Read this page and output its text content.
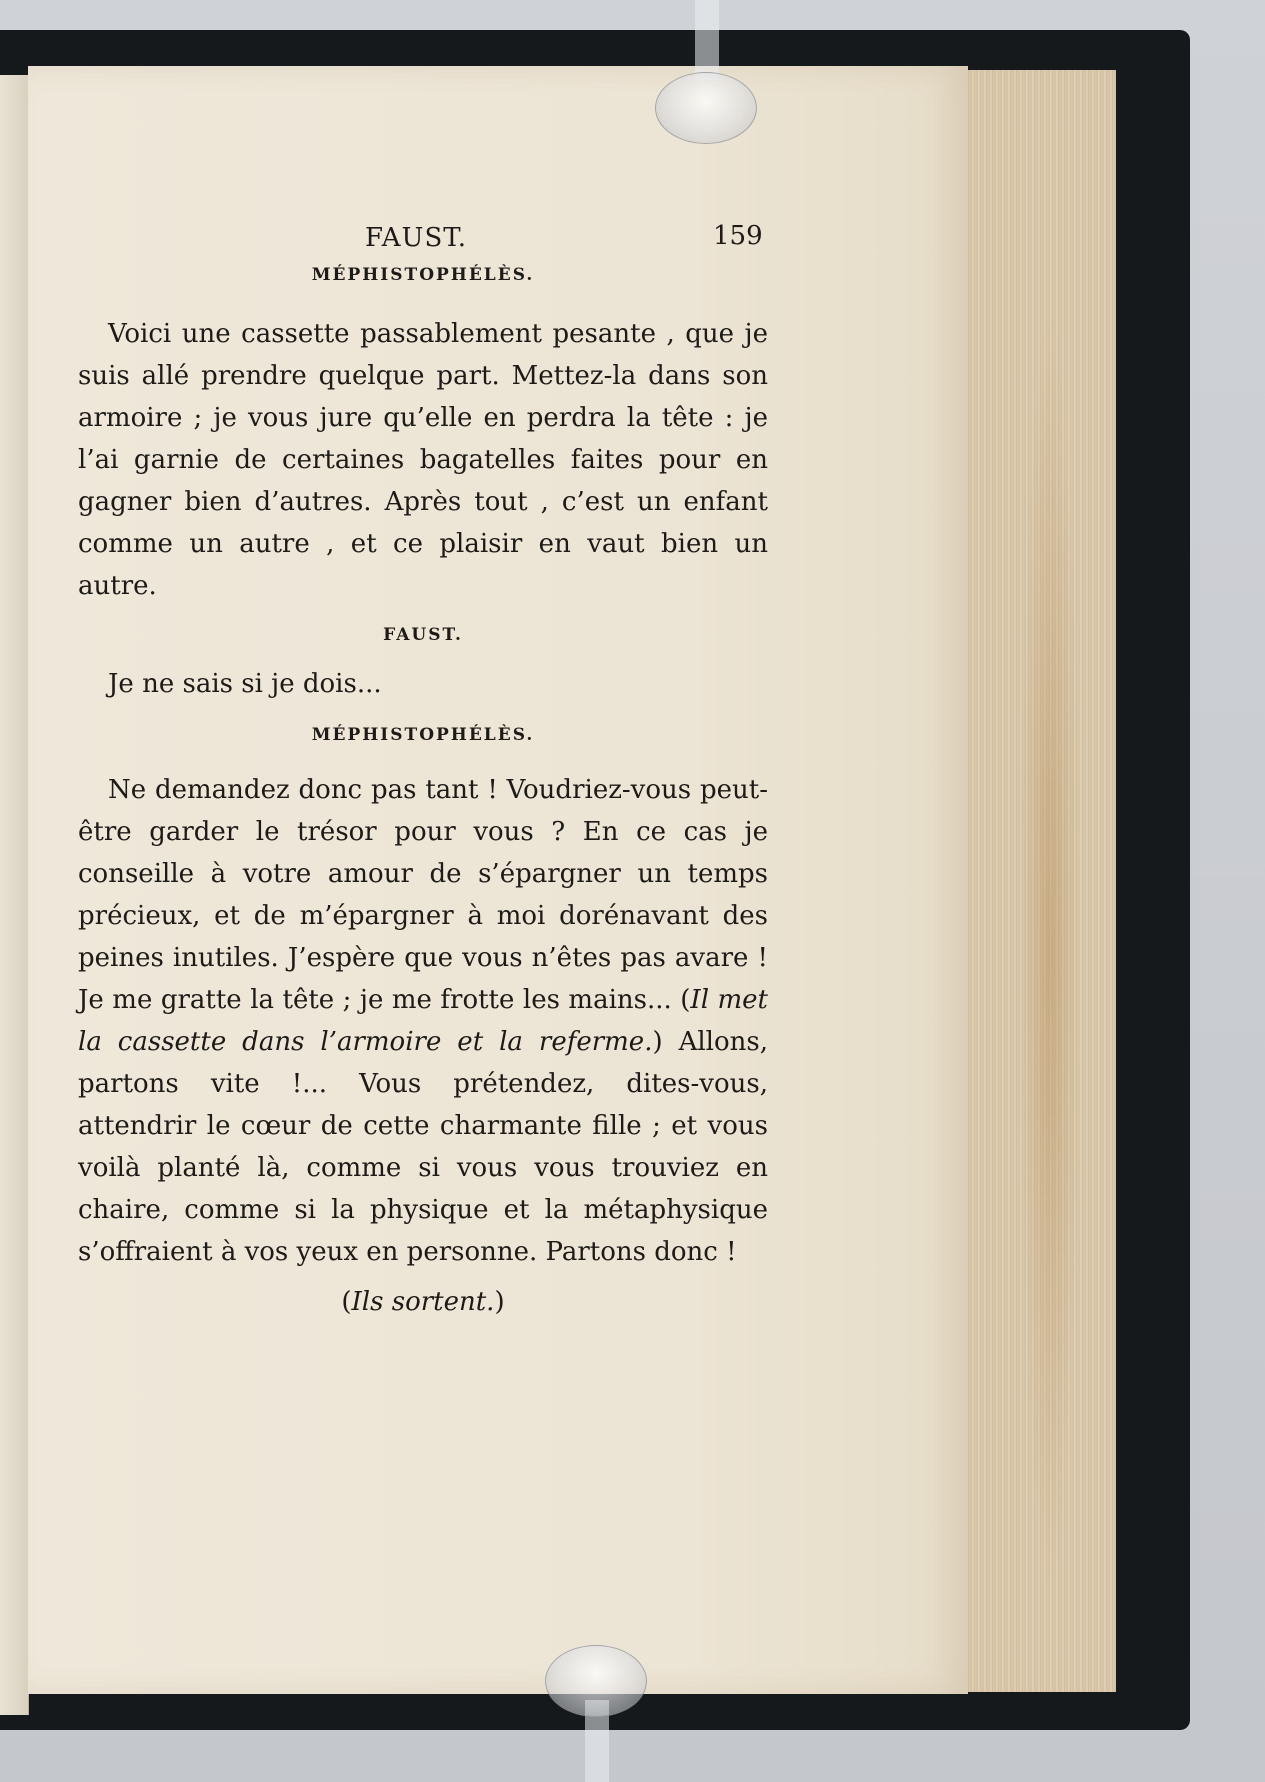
FAUST.	159

MÉPHISTOPHÉLÈS.

Voici une cassette passablement pesante , que je suis allé prendre quelque part. Mettez-la dans son armoire ; je vous jure qu’elle en perdra la tête : je l’ai garnie de certaines bagatelles faites pour en gagner bien d’autres. Après tout , c’est un enfant comme un autre , et ce plaisir en vaut bien un autre.

FAUST.

Je ne sais si je dois...

MÉPHISTOPHÉLÈS.

Ne demandez donc pas tant ! Voudriez-vous peut-être garder le trésor pour vous ? En ce cas je conseille à votre amour de s’épargner un temps précieux, et de m’épargner à moi dorénavant des peines inutiles. J’espère que vous n’êtes pas avare ! Je me gratte la tête ; je me frotte les mains... (Il met la cassette dans l’armoire et la referme.) Allons, partons vite !... Vous prétendez, dites-vous, attendrir le cœur de cette charmante fille ; et vous voilà planté là, comme si vous vous trouviez en chaire, comme si la physique et la métaphysique s’offraient à vos yeux en personne. Partons donc !

(Ils sortent.)
